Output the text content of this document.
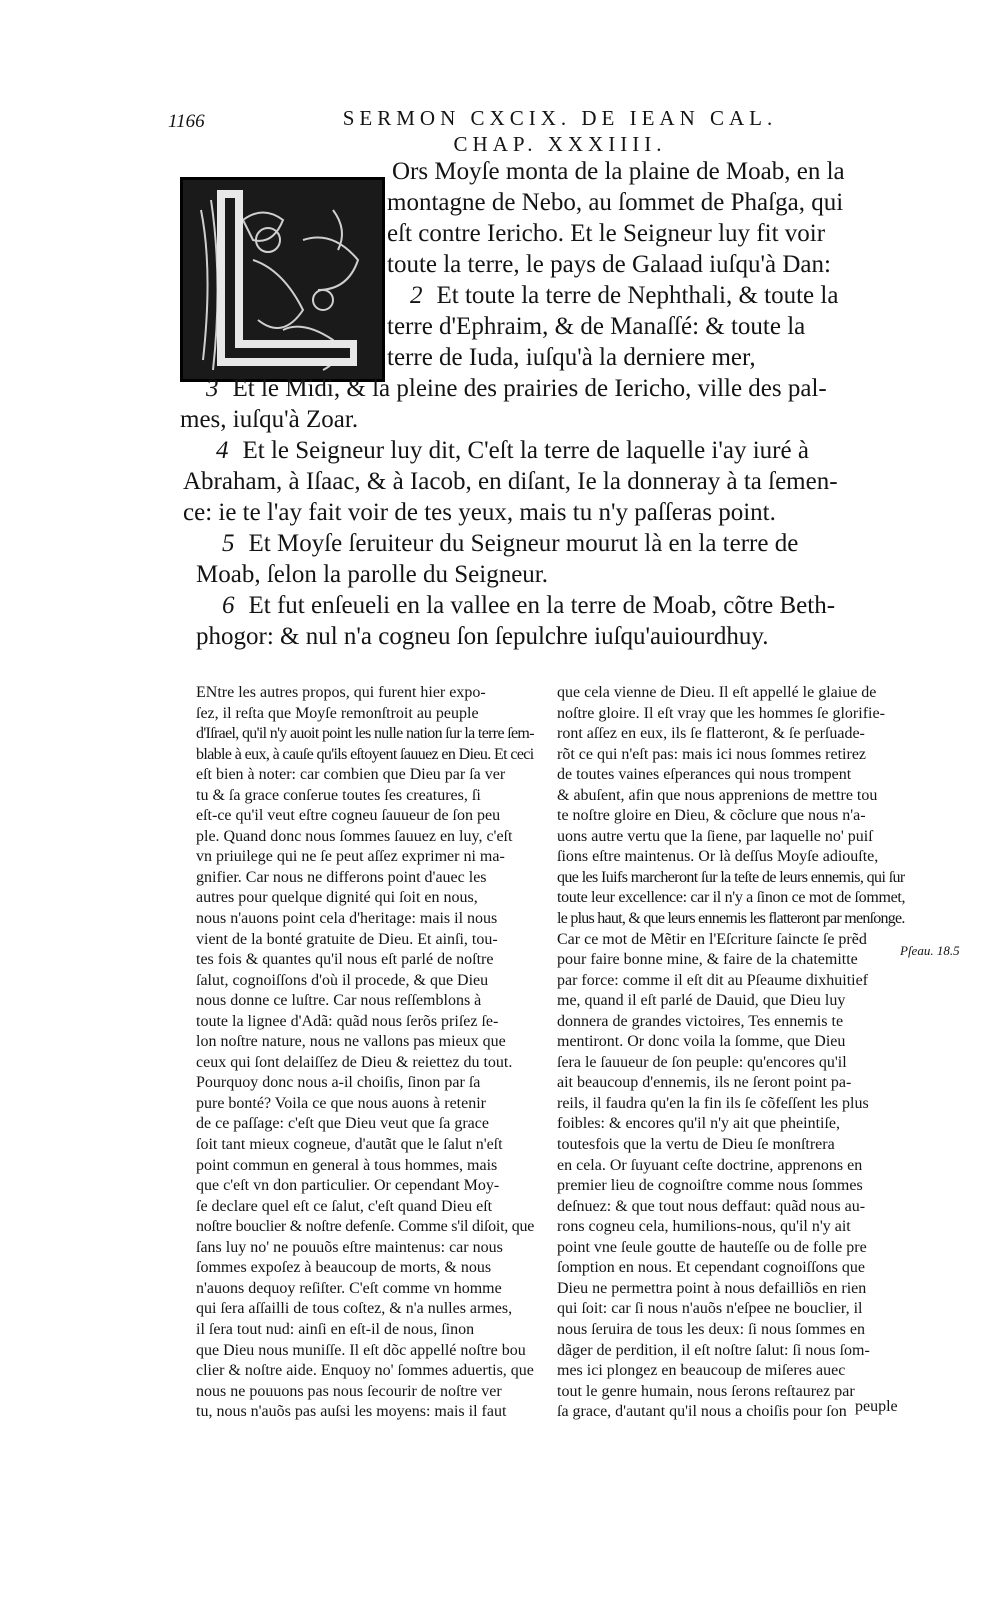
1166	SERMON CXCIX. DE IEAN CAL.
CHAP. XXXIIII.
Ors Moyſe monta de la plaine de Moab, en la
montagne de Nebo, au ſommet de Phaſga, qui
eſt contre Iericho. Et le Seigneur luy fit voir
toute la terre, le pays de Galaad iuſqu'à Dan:
2 Et toute la terre de Nephthali, & toute la
terre d'Ephraim, & de Manaſſé: & toute la
terre de Iuda, iuſqu'à la derniere mer,
3 Et le Midi, & la pleine des prairies de Iericho, ville des pal-
mes, iuſqu'à Zoar.
4 Et le Seigneur luy dit, C'eſt la terre de laquelle i'ay iuré à
Abraham, à Iſaac, & à Iacob, en diſant, Ie la donneray à ta ſemen-
ce: ie te l'ay fait voir de tes yeux, mais tu n'y paſſeras point.
5 Et Moyſe ſeruiteur du Seigneur mourut là en la terre de
Moab, ſelon la parolle du Seigneur.
6 Et fut enſeueli en la vallee en la terre de Moab, cõtre Beth-
phogor: & nul n'a cogneu ſon ſepulchre iuſqu'auiourdhuy.
ENtre les autres propos, qui furent hier expo-
ſez, il reſta que Moyſe remonſtroit au peuple
d'Iſrael, qu'il n'y auoit point les nulle nation ſur la terre ſem-
blable à eux, à cauſe qu'ils eſtoyent ſauuez en Dieu. Et ceci
eſt bien à noter: car combien que Dieu par ſa ver
tu & ſa grace conſerue toutes ſes creatures, ſi
eſt-ce qu'il veut eſtre cogneu ſauueur de ſon peu
ple. Quand donc nous ſommes ſauuez en luy, c'eſt
vn priuilege qui ne ſe peut aſſez exprimer ni ma-
gnifier. Car nous ne differons point d'auec les
autres pour quelque dignité qui ſoit en nous,
nous n'auons point cela d'heritage: mais il nous
vient de la bonté gratuite de Dieu. Et ainſi, tou-
tes fois & quantes qu'il nous eſt parlé de noſtre
ſalut, cognoiſſons d'où il procede, & que Dieu
nous donne ce luſtre. Car nous reſſemblons à
toute la lignee d'Adã: quãd nous ſerõs priſez ſe-
lon noſtre nature, nous ne vallons pas mieux que
ceux qui ſont delaiſſez de Dieu & reiettez du tout.
Pourquoy donc nous a-il choiſis, ſinon par ſa
pure bonté? Voila ce que nous auons à retenir
de ce paſſage: c'eſt que Dieu veut que ſa grace
ſoit tant mieux cogneue, d'autãt que le ſalut n'eſt
point commun en general à tous hommes, mais
que c'eſt vn don particulier. Or cependant Moy-
ſe declare quel eſt ce ſalut, c'eſt quand Dieu eſt
noſtre bouclier & noſtre defenſe. Comme s'il diſoit, que
ſans luy no' ne pouuõs eſtre maintenus: car nous
ſommes expoſez à beaucoup de morts, & nous
n'auons dequoy reſiſter. C'eſt comme vn homme
qui ſera aſſailli de tous coſtez, & n'a nulles armes,
il ſera tout nud: ainſi en eſt-il de nous, ſinon
que Dieu nous muniſſe. Il eſt dõc appellé noſtre bou
clier & noſtre aide. Enquoy no' ſommes aduertis, que
nous ne pouuons pas nous ſecourir de noſtre ver
tu, nous n'auõs pas auſsi les moyens: mais il faut
que cela vienne de Dieu. Il eſt appellé le glaiue de
noſtre gloire. Il eſt vray que les hommes ſe glorifie-
ront aſſez en eux, ils ſe flatteront, & ſe perſuade-
rõt ce qui n'eſt pas: mais ici nous ſommes retirez
de toutes vaines eſperances qui nous trompent
& abuſent, afin que nous apprenions de mettre tou
te noſtre gloire en Dieu, & cõclure que nous n'a-
uons autre vertu que la ſiene, par laquelle no' puiſ
ſions eſtre maintenus. Or là deſſus Moyſe adiouſte,
que les Iuifs marcheront ſur la teſte de leurs ennemis, qui ſur
toute leur excellence: car il n'y a ſinon ce mot de ſommet,
le plus haut, & que leurs ennemis les flatteront par menſonge.
Car ce mot de Mẽtir en l'Eſcriture ſaincte ſe prẽd
pour faire bonne mine, & faire de la chatemitte
par force: comme il eſt dit au Pſeaume dixhuitief
me, quand il eſt parlé de Dauid, que Dieu luy
donnera de grandes victoires, Tes ennemis te
mentiront. Or donc voila la ſomme, que Dieu
ſera le ſauueur de ſon peuple: qu'encores qu'il
ait beaucoup d'ennemis, ils ne ſeront point pa-
reils, il faudra qu'en la fin ils ſe cõfeſſent les plus
foibles: & encores qu'il n'y ait que pheintiſe,
toutesfois que la vertu de Dieu ſe monſtrera
en cela. Or ſuyuant ceſte doctrine, apprenons en
premier lieu de cognoiſtre comme nous ſommes
deſnuez: & que tout nous deffaut: quãd nous au-
rons cogneu cela, humilions-nous, qu'il n'y ait
point vne ſeule goutte de hauteſſe ou de folle pre
ſomption en nous. Et cependant cognoiſſons que
Dieu ne permettra point à nous defailliõs en rien
qui ſoit: car ſi nous n'auõs n'eſpee ne bouclier, il
nous ſeruira de tous les deux: ſi nous ſommes en
dãger de perdition, il eſt noſtre ſalut: ſi nous ſom-
mes ici plongez en beaucoup de miſeres auec
tout le genre humain, nous ſerons reſtaurez par
ſa grace, d'autant qu'il nous a choiſis pour ſon
Pſeau. 18.5
peuple
